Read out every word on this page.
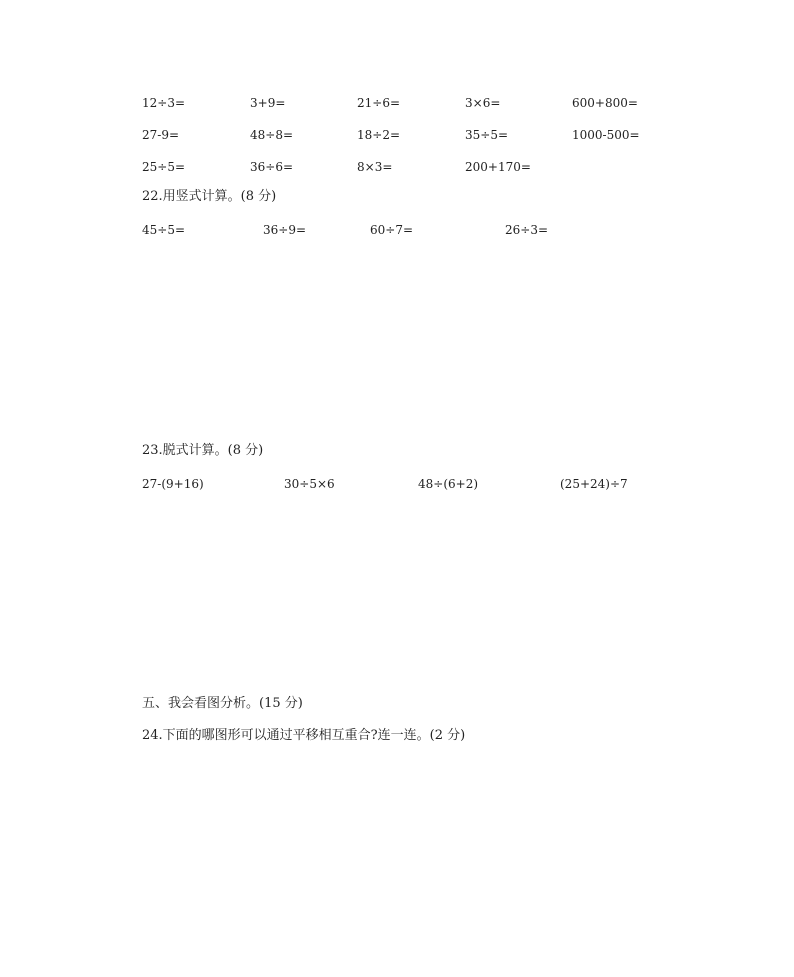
12÷3=	3+9=	21÷6=	3×6=	600+800=
27-9=	48÷8=	18÷2=	35÷5=	1000-500=
25÷5=	36÷6=	8×3=	200+170=
22.用竖式计算。(8 分)
45÷5=	36÷9=	60÷7=	26÷3=
23.脱式计算。(8 分)
27-(9+16)	30÷5×6	48÷(6+2)	(25+24)÷7
五、我会看图分析。(15 分)
24.下面的哪图形可以通过平移相互重合?连一连。(2 分)
